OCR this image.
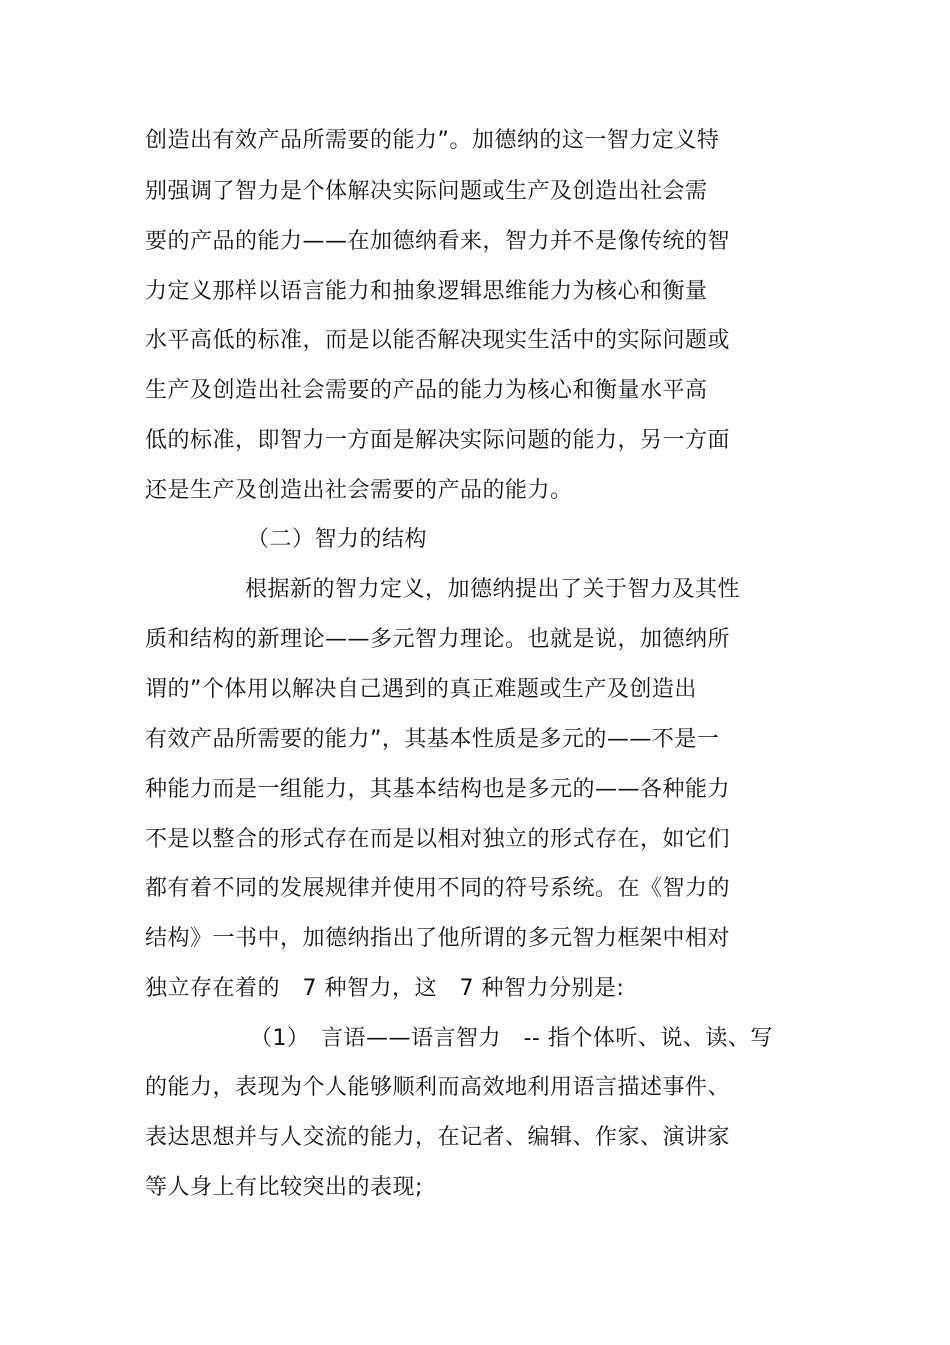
创造出有效产品所需要的能力”。加德纳的这一智力定义特
别强调了智力是个体解决实际问题或生产及创造出社会需
要的产品的能力——在加德纳看来，智力并不是像传统的智
力定义那样以语言能力和抽象逻辑思维能力为核心和衡量
水平高低的标准，而是以能否解决现实生活中的实际问题或
生产及创造出社会需要的产品的能力为核心和衡量水平高
低的标准，即智力一方面是解决实际问题的能力，另一方面
还是生产及创造出社会需要的产品的能力。
（二）智力的结构
根据新的智力定义，加德纳提出了关于智力及其性
质和结构的新理论——多元智力理论。也就是说，加德纳所
谓的”个体用以解决自己遇到的真正难题或生产及创造出
有效产品所需要的能力”，其基本性质是多元的——不是一
种能力而是一组能力，其基本结构也是多元的——各种能力
不是以整合的形式存在而是以相对独立的形式存在，如它们
都有着不同的发展规律并使用不同的符号系统。在《智力的
结构》一书中，加德纳指出了他所谓的多元智力框架中相对
独立存在着的　7 种智力，这　7 种智力分别是:
（1）　言语——语言智力　-- 指个体听、说、读、写
的能力，表现为个人能够顺利而高效地利用语言描述事件、
表达思想并与人交流的能力，在记者、编辑、作家、演讲家
等人身上有比较突出的表现;
